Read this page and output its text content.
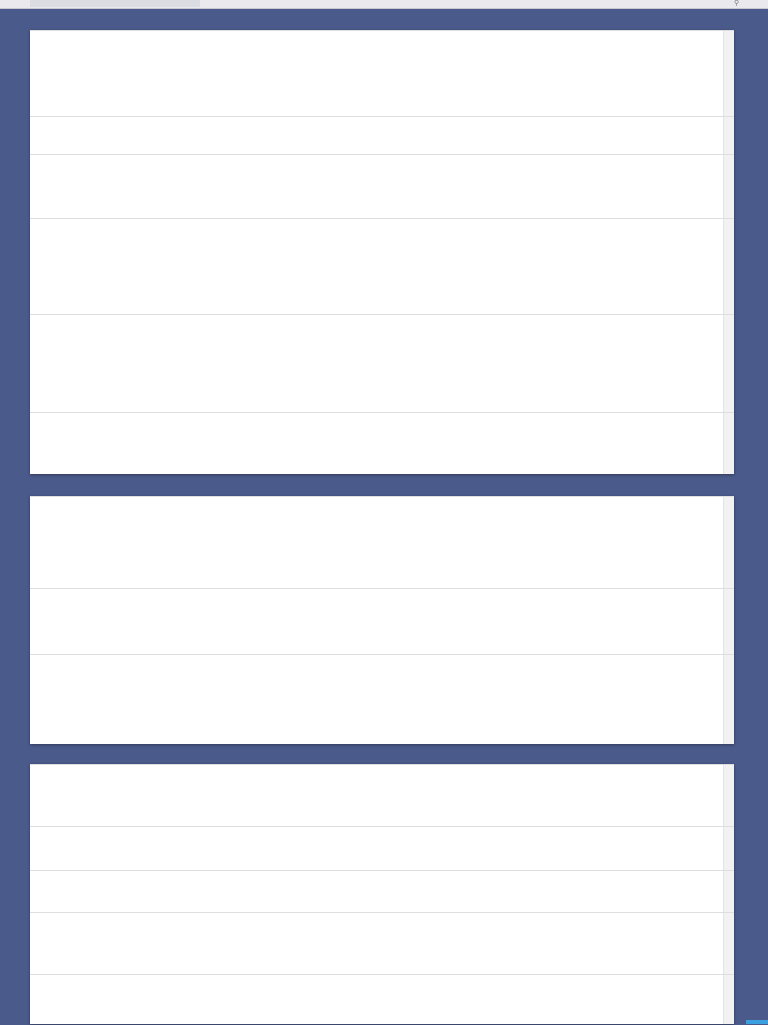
⚲
